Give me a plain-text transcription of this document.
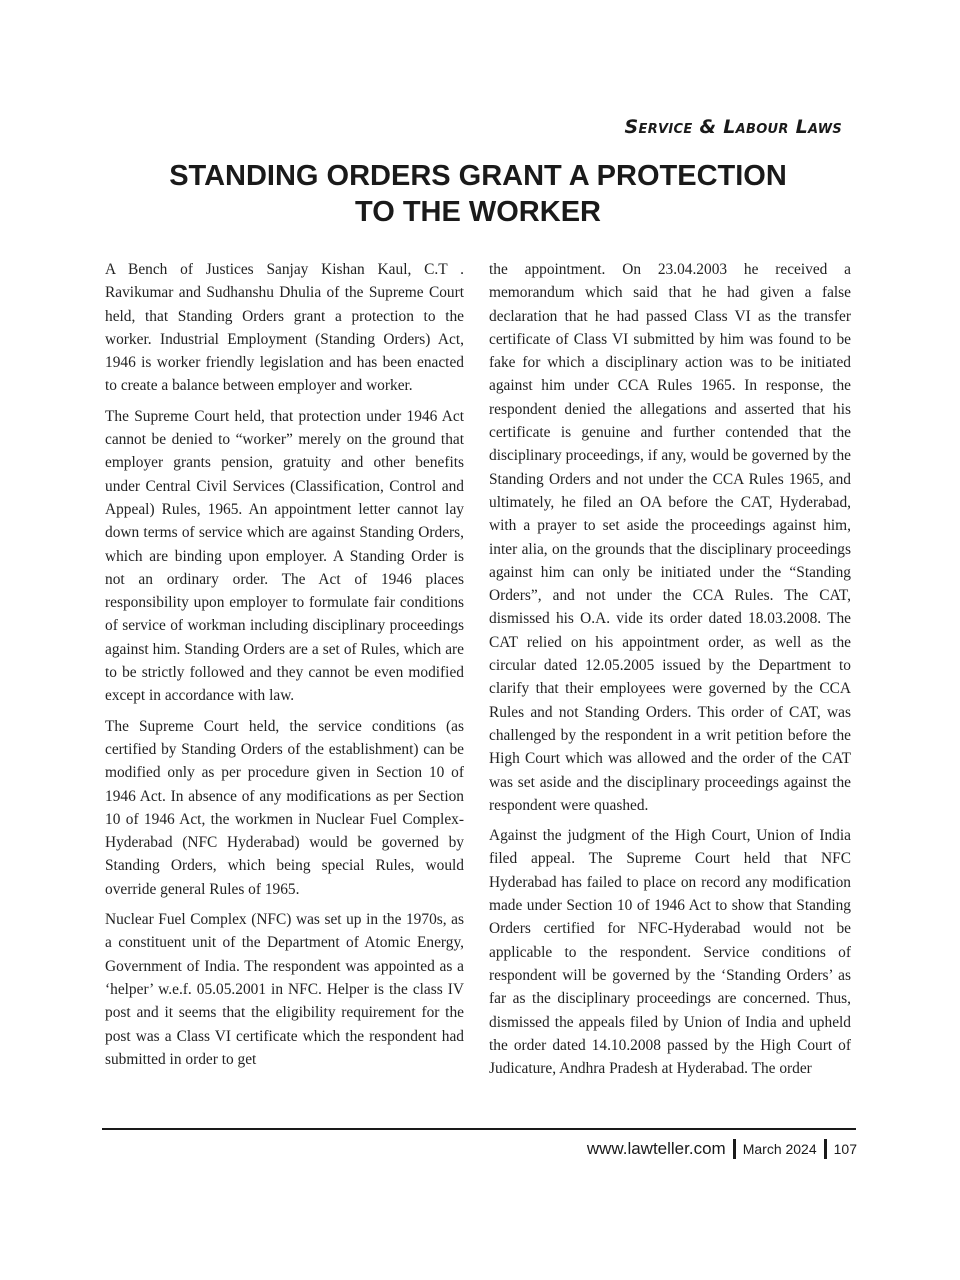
Service & Labour Laws
STANDING ORDERS GRANT A PROTECTION
TO THE WORKER

A Bench of Justices Sanjay Kishan Kaul, C.T . Ravikumar and Sudhanshu Dhulia of the Supreme Court held, that Standing Orders grant a protection to the worker. Industrial Employment (Standing Orders) Act, 1946 is worker friendly legislation and has been enacted to create a balance between employer and worker.

The Supreme Court held, that protection under 1946 Act cannot be denied to “worker” merely on the ground that employer grants pension, gratuity and other benefits under Central Civil Services (Classification, Control and Appeal) Rules, 1965. An appointment letter cannot lay down terms of service which are against Standing Orders, which are binding upon employer. A Standing Order is not an ordinary order. The Act of 1946 places responsibility upon employer to formulate fair conditions of service of workman including disciplinary proceedings against him. Standing Orders are a set of Rules, which are to be strictly followed and they cannot be even modified except in accordance with law.

The Supreme Court held, the service conditions (as certified by Standing Orders of the establishment) can be modified only as per procedure given in Section 10 of 1946 Act. In absence of any modifications as per Section 10 of 1946 Act, the workmen in Nuclear Fuel Complex-Hyderabad (NFC Hyderabad) would be governed by Standing Orders, which being special Rules, would override general Rules of 1965.

Nuclear Fuel Complex (NFC) was set up in the 1970s, as a constituent unit of the Department of Atomic Energy, Government of India. The respondent was appointed as a ‘helper’ w.e.f. 05.05.2001 in NFC. Helper is the class IV post and it seems that the eligibility requirement for the post was a Class VI certificate which the respondent had submitted in order to get

the appointment. On 23.04.2003 he received a memorandum which said that he had given a false declaration that he had passed Class VI as the transfer certificate of Class VI submitted by him was found to be fake for which a disciplinary action was to be initiated against him under CCA Rules 1965. In response, the respondent denied the allegations and asserted that his certificate is genuine and further contended that the disciplinary proceedings, if any, would be governed by the Standing Orders and not under the CCA Rules 1965, and ultimately, he filed an OA before the CAT, Hyderabad, with a prayer to set aside the proceedings against him, inter alia, on the grounds that the disciplinary proceedings against him can only be initiated under the “Standing Orders”, and not under the CCA Rules. The CAT, dismissed his O.A. vide its order dated 18.03.2008. The CAT relied on his appointment order, as well as the circular dated 12.05.2005 issued by the Department to clarify that their employees were governed by the CCA Rules and not Standing Orders. This order of CAT, was challenged by the respondent in a writ petition before the High Court which was allowed and the order of the CAT was set aside and the disciplinary proceedings against the respondent were quashed.

Against the judgment of the High Court, Union of India filed appeal. The Supreme Court held that NFC Hyderabad has failed to place on record any modification made under Section 10 of 1946 Act to show that Standing Orders certified for NFC-Hyderabad would not be applicable to the respondent. Service conditions of respondent will be governed by the ‘Standing Orders’ as far as the disciplinary proceedings are concerned. Thus, dismissed the appeals filed by Union of India and upheld the order dated 14.10.2008 passed by the High Court of Judicature, Andhra Pradesh at Hyderabad. The order

www.lawteller.com March 2024 107
